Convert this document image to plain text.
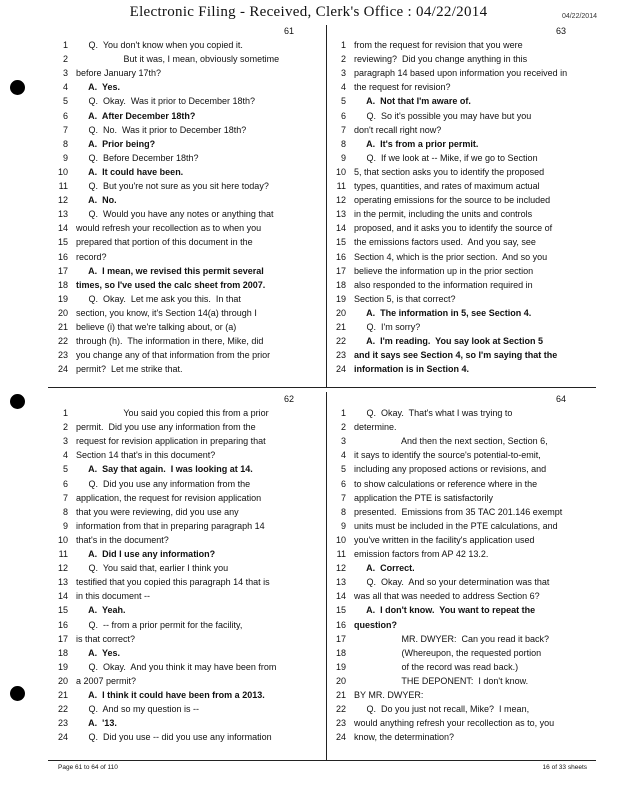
Electronic Filing - Received, Clerk's Office : 04/22/2014	04/22/2014
61
1 Q.  You don't know when you copied it.
2 But it was, I mean, obviously sometime
3 before January 17th?
4 A.  Yes.
5 Q.  Okay.  Was it prior to December 18th?
6 A.  After December 18th?
7 Q.  No.  Was it prior to December 18th?
8 A.  Prior being?
9 Q.  Before December 18th?
10 A.  It could have been.
11 Q.  But you're not sure as you sit here today?
12 A.  No.
13 Q.  Would you have any notes or anything that
14 would refresh your recollection as to when you
15 prepared that portion of this document in the
16 record?
17 A.  I mean, we revised this permit several
18 times, so I've used the calc sheet from 2007.
19 Q.  Okay.  Let me ask you this.  In that
20 section, you know, it's Section 14(a) through I
21 believe (i) that we're talking about, or (a)
22 through (h).  The information in there, Mike, did
23 you change any of that information from the prior
24 permit?  Let me strike that.
63
1 from the request for revision that you were
2 reviewing?  Did you change anything in this
3 paragraph 14 based upon information you received in
4 the request for revision?
5 A.  Not that I'm aware of.
6 Q.  So it's possible you may have but you
7 don't recall right now?
8 A.  It's from a prior permit.
9 Q.  If we look at -- Mike, if we go to Section
10 5, that section asks you to identify the proposed
11 types, quantities, and rates of maximum actual
12 operating emissions for the source to be included
13 in the permit, including the units and controls
14 proposed, and it asks you to identify the source of
15 the emissions factors used.  And you say, see
16 Section 4, which is the prior section.  And so you
17 believe the information up in the prior section
18 also responded to the information required in
19 Section 5, is that correct?
20 A.  The information in 5, see Section 4.
21 Q.  I'm sorry?
22 A.  I'm reading.  You say look at Section 5
23 and it says see Section 4, so I'm saying that the
24 information is in Section 4.
62
1 You said you copied this from a prior
2 permit.  Did you use any information from the
3 request for revision application in preparing that
4 Section 14 that's in this document?
5 A.  Say that again.  I was looking at 14.
6 Q.  Did you use any information from the
7 application, the request for revision application
8 that you were reviewing, did you use any
9 information from that in preparing paragraph 14
10 that's in the document?
11 A.  Did I use any information?
12 Q.  You said that, earlier I think you
13 testified that you copied this paragraph 14 that is
14 in this document --
15 A.  Yeah.
16 Q.  -- from a prior permit for the facility,
17 is that correct?
18 A.  Yes.
19 Q.  Okay.  And you think it may have been from
20 a 2007 permit?
21 A.  I think it could have been from a 2013.
22 Q.  And so my question is --
23 A.  '13.
24 Q.  Did you use -- did you use any information
64
1 Q.  Okay.  That's what I was trying to
2 determine.
3 And then the next section, Section 6,
4 it says to identify the source's potential-to-emit,
5 including any proposed actions or revisions, and
6 to show calculations or reference where in the
7 application the PTE is satisfactorily
8 presented.  Emissions from 35 TAC 201.146 exempt
9 units must be included in the PTE calculations, and
10 you've written in the facility's application used
11 emission factors from AP 42 13.2.
12 A.  Correct.
13 Q.  Okay.  And so your determination was that
14 was all that was needed to address Section 6?
15 A.  I don't know.  You want to repeat the
16 question?
17 MR. DWYER:  Can you read it back?
18 (Whereupon, the requested portion
19 of the record was read back.)
20 THE DEPONENT:  I don't know.
21 BY MR. DWYER:
22 Q.  Do you just not recall, Mike?  I mean,
23 would anything refresh your recollection as to, you
24 know, the determination?
Page 61 to 64 of 110	16 of 33 sheets
